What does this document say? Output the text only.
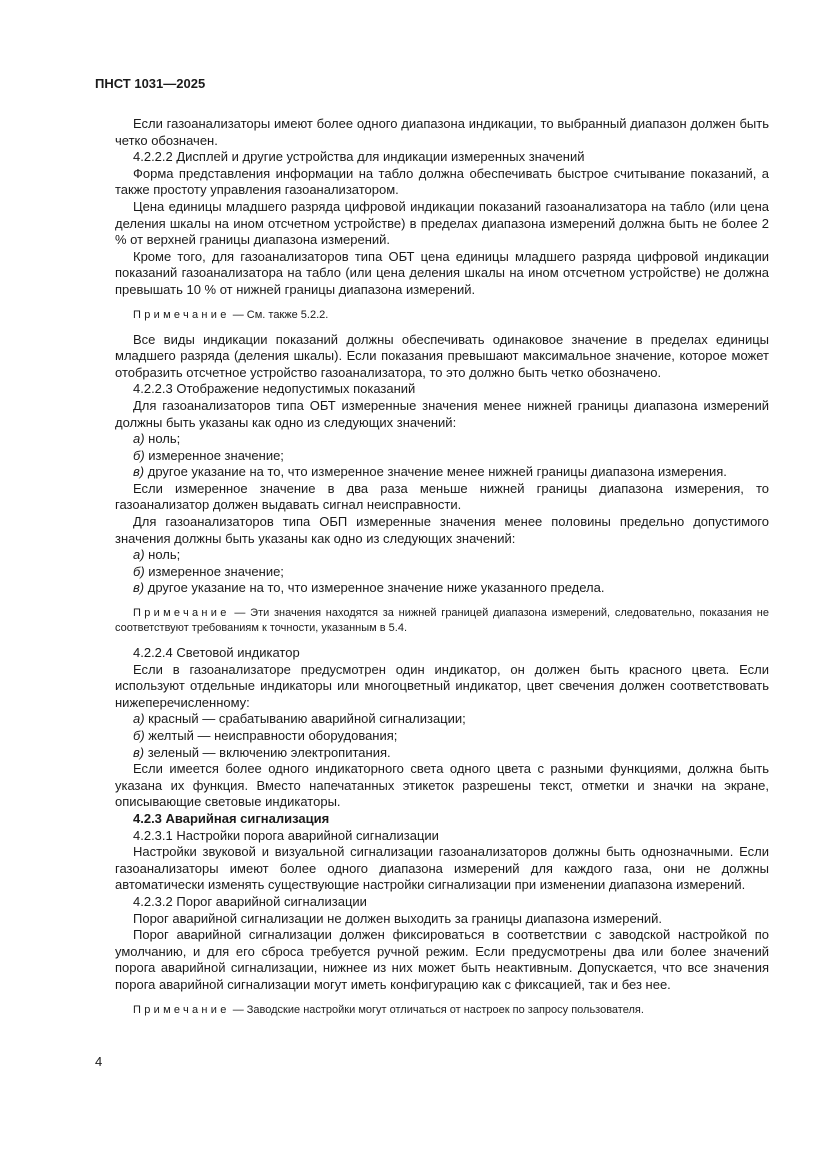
ПНСТ 1031—2025

Если газоанализаторы имеют более одного диапазона индикации, то выбранный диапазон должен быть четко обозначен.

4.2.2.2 Дисплей и другие устройства для индикации измеренных значений

Форма представления информации на табло должна обеспечивать быстрое считывание показаний, а также простоту управления газоанализатором.

Цена единицы младшего разряда цифровой индикации показаний газоанализатора на табло (или цена деления шкалы на ином отсчетном устройстве) в пределах диапазона измерений должна быть не более 2 % от верхней границы диапазона измерений.

Кроме того, для газоанализаторов типа ОБТ цена единицы младшего разряда цифровой индикации показаний газоанализатора на табло (или цена деления шкалы на ином отсчетном устройстве) не должна превышать 10 % от нижней границы диапазона измерений.

Примечание — См. также 5.2.2.

Все виды индикации показаний должны обеспечивать одинаковое значение в пределах единицы младшего разряда (деления шкалы). Если показания превышают максимальное значение, которое может отобразить отсчетное устройство газоанализатора, то это должно быть четко обозначено.

4.2.2.3 Отображение недопустимых показаний

Для газоанализаторов типа ОБТ измеренные значения менее нижней границы диапазона измерений должны быть указаны как одно из следующих значений:

а) ноль;

б) измеренное значение;

в) другое указание на то, что измеренное значение менее нижней границы диапазона измерения.

Если измеренное значение в два раза меньше нижней границы диапазона измерения, то газоанализатор должен выдавать сигнал неисправности.

Для газоанализаторов типа ОБП измеренные значения менее половины предельно допустимого значения должны быть указаны как одно из следующих значений:

а) ноль;

б) измеренное значение;

в) другое указание на то, что измеренное значение ниже указанного предела.

Примечание — Эти значения находятся за нижней границей диапазона измерений, следовательно, показания не соответствуют требованиям к точности, указанным в 5.4.

4.2.2.4 Световой индикатор

Если в газоанализаторе предусмотрен один индикатор, он должен быть красного цвета. Если используют отдельные индикаторы или многоцветный индикатор, цвет свечения должен соответствовать нижеперечисленному:

а) красный — срабатыванию аварийной сигнализации;

б) желтый — неисправности оборудования;

в) зеленый — включению электропитания.

Если имеется более одного индикаторного света одного цвета с разными функциями, должна быть указана их функция. Вместо напечатанных этикеток разрешены текст, отметки и значки на экране, описывающие световые индикаторы.

4.2.3 Аварийная сигнализация

4.2.3.1 Настройки порога аварийной сигнализации

Настройки звуковой и визуальной сигнализации газоанализаторов должны быть однозначными. Если газоанализаторы имеют более одного диапазона измерений для каждого газа, они не должны автоматически изменять существующие настройки сигнализации при изменении диапазона измерений.

4.2.3.2 Порог аварийной сигнализации

Порог аварийной сигнализации не должен выходить за границы диапазона измерений.

Порог аварийной сигнализации должен фиксироваться в соответствии с заводской настройкой по умолчанию, и для его сброса требуется ручной режим. Если предусмотрены два или более значений порога аварийной сигнализации, нижнее из них может быть неактивным. Допускается, что все значения порога аварийной сигнализации могут иметь конфигурацию как с фиксацией, так и без нее.

Примечание — Заводские настройки могут отличаться от настроек по запросу пользователя.

4
